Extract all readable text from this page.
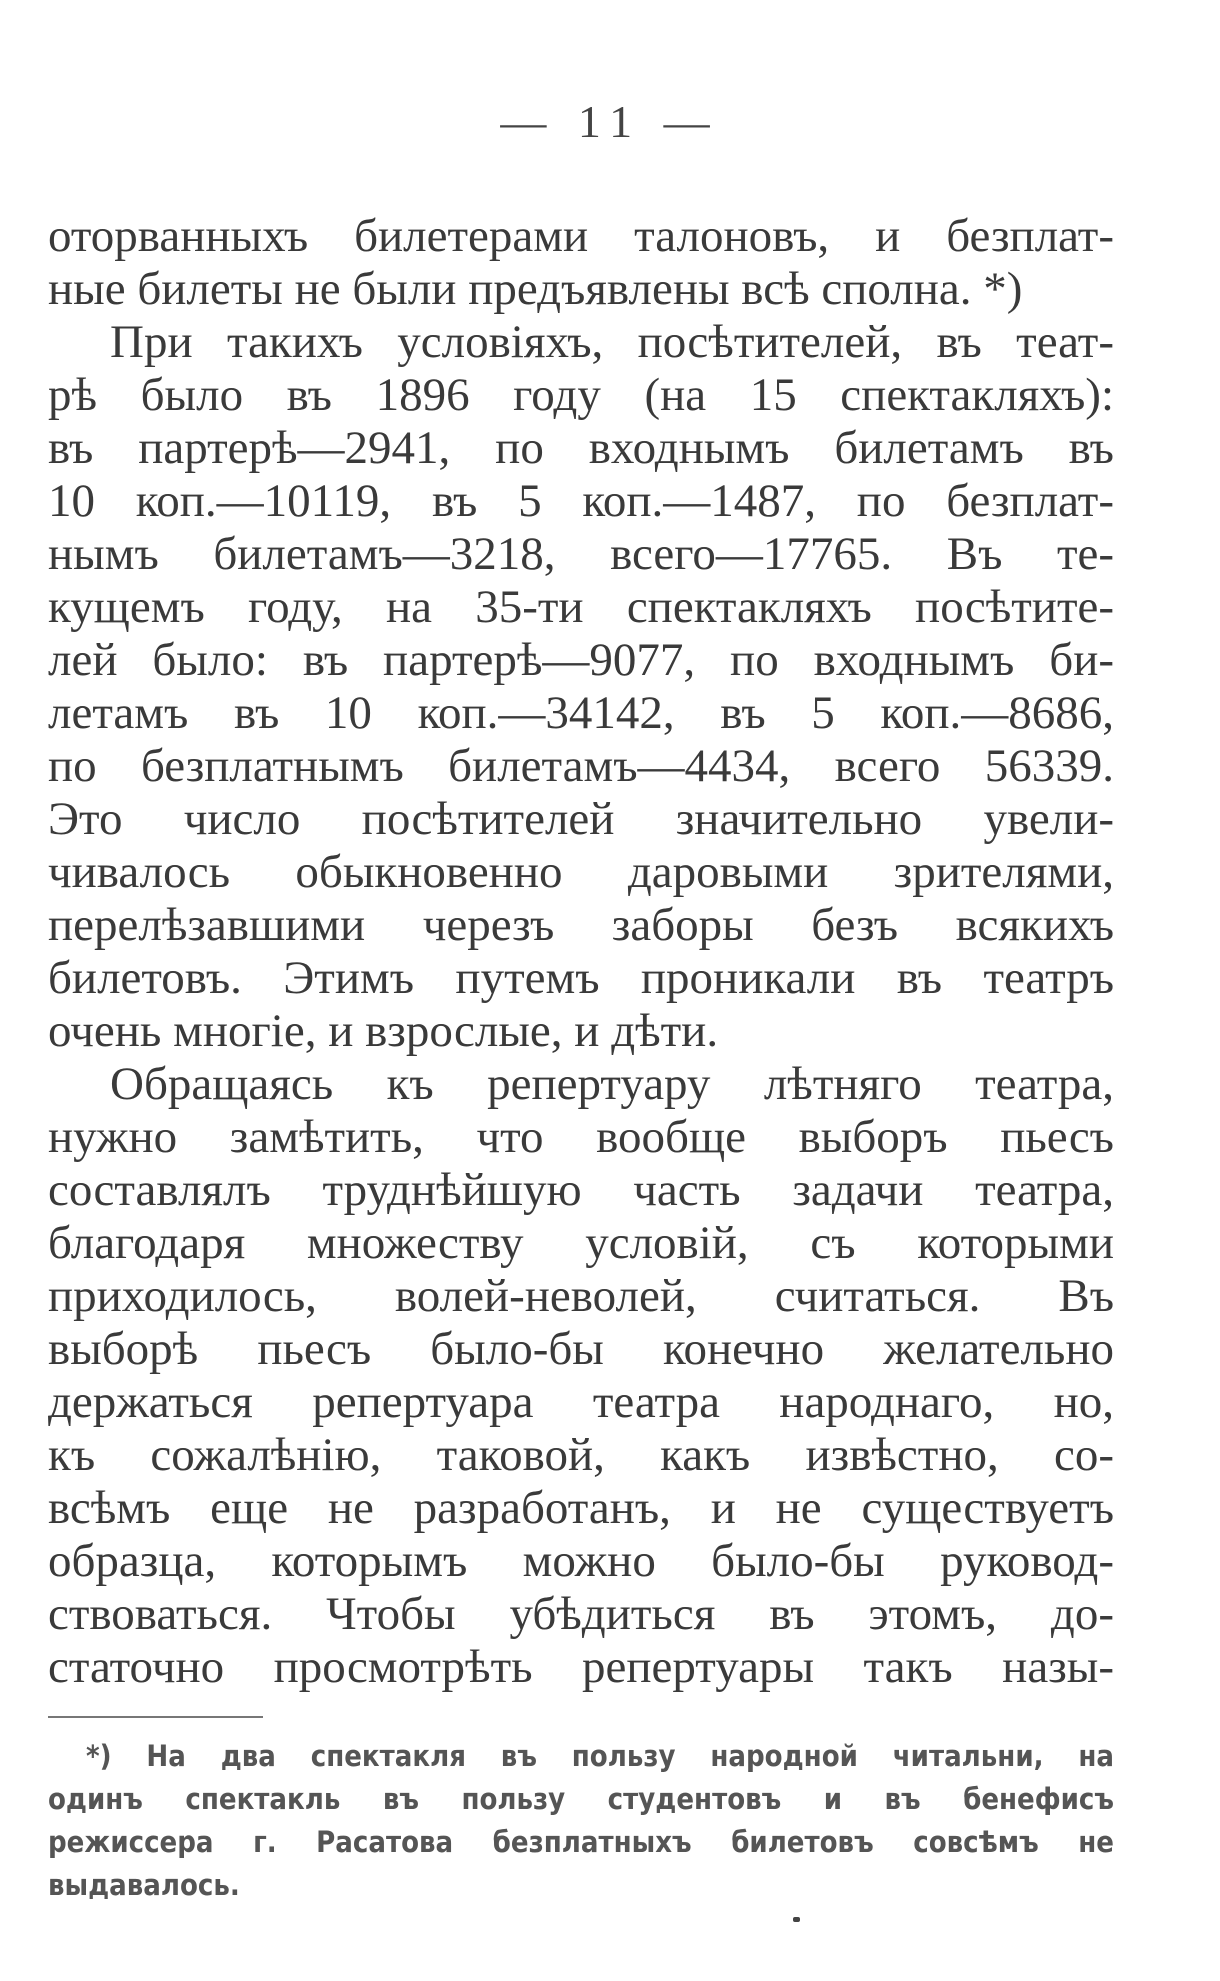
— 11 —
оторванныхъ билетерами талоновъ, и безплат-
ные билеты не были предъявлены всѣ сполна. *)
При такихъ условіяхъ, посѣтителей, въ теат-
рѣ было въ 1896 году (на 15 спектакляхъ):
въ партерѣ—2941, по входнымъ билетамъ въ
10 коп.—10119, въ 5 коп.—1487, по безплат-
нымъ билетамъ—3218, всего—17765. Въ те-
кущемъ году, на 35-ти спектакляхъ посѣтите-
лей было: въ партерѣ—9077, по входнымъ би-
летамъ въ 10 коп.—34142, въ 5 коп.—8686,
по безплатнымъ билетамъ—4434, всего 56339.
Это число посѣтителей значительно увели-
чивалось обыкновенно даровыми зрителями,
перелѣзавшими черезъ заборы безъ всякихъ
билетовъ. Этимъ путемъ проникали въ театръ
очень многіе, и взрослые, и дѣти.
Обращаясь къ репертуару лѣтняго театра,
нужно замѣтить, что вообще выборъ пьесъ
составлялъ труднѣйшую часть задачи театра,
благодаря множеству условій, съ которыми
приходилось, волей-неволей, считаться. Въ
выборѣ пьесъ было-бы конечно желательно
держаться репертуара театра народнаго, но,
къ сожалѣнію, таковой, какъ извѣстно, со-
всѣмъ еще не разработанъ, и не существуетъ
образца, которымъ можно было-бы руковод-
ствоваться. Чтобы убѣдиться въ этомъ, до-
статочно просмотрѣть репертуары такъ назы-
*) На два спектакля въ пользу народной читальни, на
одинъ спектакль въ пользу студентовъ и въ бенефисъ
режиссера г. Расатова безплатныхъ билетовъ совсѣмъ не
выдавалось.
